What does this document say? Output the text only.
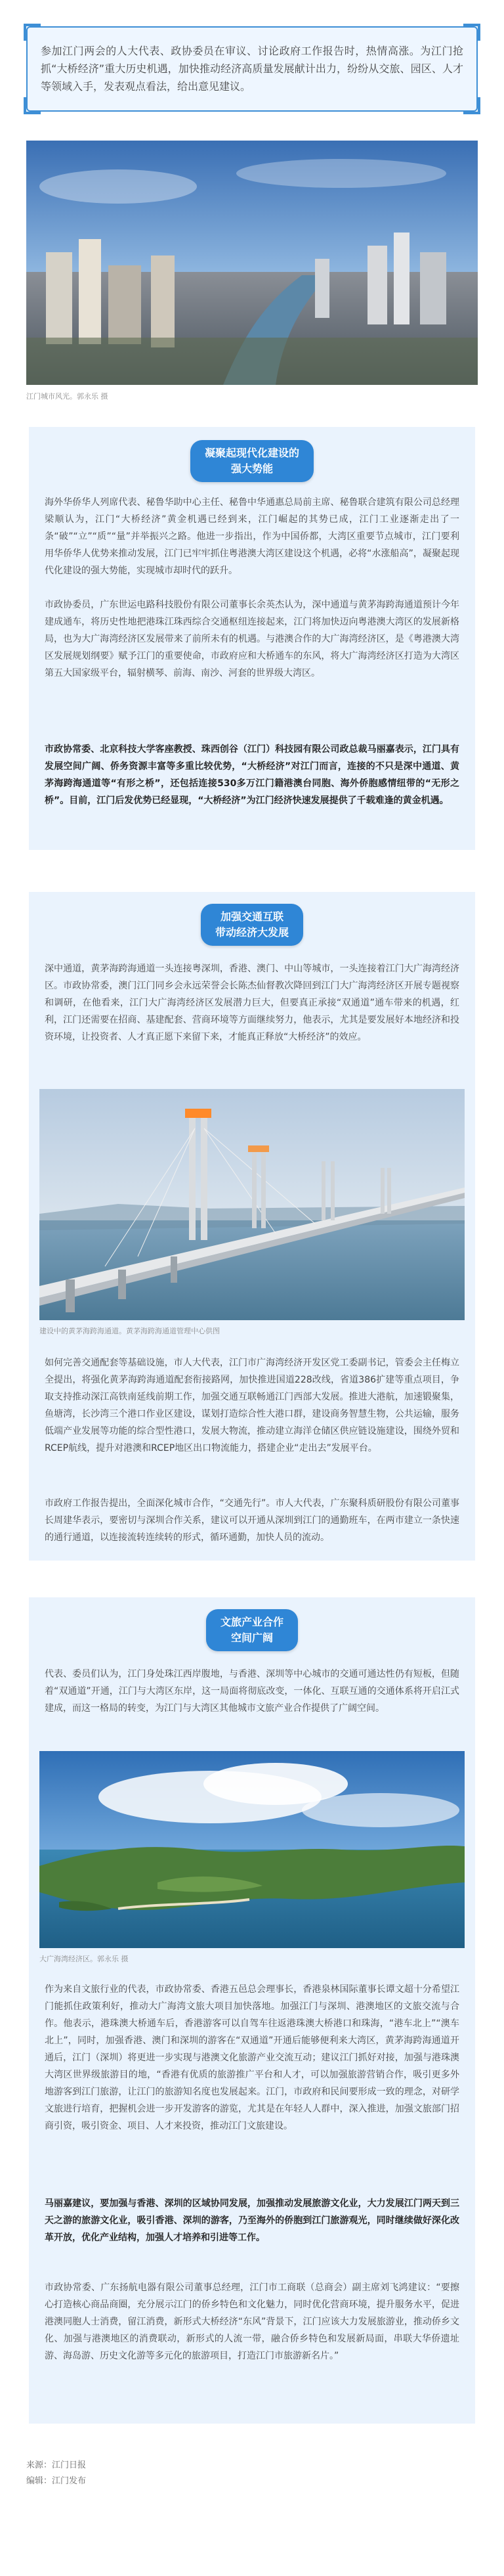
参加江门两会的人大代表、政协委员在审议、讨论政府工作报告时，热情高涨。为江门抢抓“大桥经济”重大历史机遇，加快推动经济高质量发展献计出力，纷纷从交旅、园区、人才等领域入手，发表观点看法，给出意见建议。
江门城市风光。郭永乐 摄
凝聚起现代化建设的
强大势能
海外华侨华人列席代表、秘鲁华助中心主任、秘鲁中华通惠总局前主席、秘鲁联合建筑有限公司总经理梁顺认为，江门“大桥经济”黄金机遇已经到来，江门崛起的其势已成，江门工业逐渐走出了一条“破”“立”“质”“量”并举振兴之路。他进一步指出，作为中国侨都，大湾区重要节点城市，江门要利用华侨华人优势来推动发展，江门已牢牢抓住粤港澳大湾区建设这个机遇，必将“水涨船高”，凝聚起现代化建设的强大势能，实现城市却时代的跃升。
市政协委员，广东世运电路科技股份有限公司董事长余英杰认为，深中通道与黄茅海跨海通道预计今年建成通车，将历史性地把港珠江珠西综合交通枢纽连接起来，江门将加快迈向粤港澳大湾区的发展新格局，也为大广海湾经济区发展带来了前所未有的机遇。与港澳合作的大广海湾经济区，是《粤港澳大湾区发展规划纲要》赋予江门的重要使命，市政府应和大桥通车的东风，将大广海湾经济区打造为大湾区第五大国家级平台，辐射横琴、前海、南沙、河套的世界级大湾区。
市政协常委、北京科技大学客座教授、珠西创谷（江门）科技园有限公司政总裁马丽嘉表示，江门具有发展空间广阔、侨务资源丰富等多重比较优势，“大桥经济”对江门而言，连接的不只是深中通道、黄茅海跨海通道等“有形之桥”，还包括连接530多万江门籍港澳台同胞、海外侨胞感情纽带的“无形之桥”。目前，江门后发优势已经显现，“大桥经济”为江门经济快速发展提供了千载难逢的黄金机遇。
加强交通互联
带动经济大发展
深中通道，黄茅海跨海通道一头连接粤深圳，香港、澳门、中山等城市，一头连接着江门大广海湾经济区。市政协常委，澳门江门同乡会永远荣誉会长陈杰仙督教次降回到江门大广海湾经济区开展专题视察和调研，在他看来，江门大广海湾经济区发展潜力巨大，但要真正承接“双通道”通车带来的机遇，红利，江门还需要在招商、基建配套、营商环境等方面继续努力，他表示，尤其是要发展好本地经济和投资环境，让投资者、人才真正愿下来留下来，才能真正释放“大桥经济”的效应。
建设中的黄茅海跨海通道。黄茅海跨海通道管理中心供图
如何完善交通配套等基础设施，市人大代表，江门市广海湾经济开发区党工委副书记，管委会主任梅立全提出，将强化黄茅海跨海通道配套衔接路网，加快推进国道228改线，省道386扩建等重点项目，争取支持推动深江高铁南延线前期工作，加强交通互联畅通江门西部大发展。推进大港航，加速锻聚集，鱼塘湾，长沙湾三个港口作业区建设，谋划打造综合性大港口群，建设商务智慧生物，公共运输，服务低端产业发展等功能的综合型性港口，发展大物流，推动建立海洋仓储区供应链设施建设，围绕外贸和RCEP航线，提升对港澳和RCEP地区出口物流能力，搭建企业“走出去”发展平台。
市政府工作报告提出，全面深化城市合作，“交通先行”。市人大代表，广东聚科质研股份有限公司董事长周建华表示，要密切与深圳合作关系，建议可以开通从深圳到江门的通勤班车，在两市建立一条快速的通行通道，以连接流转连续转的形式，循环通勤，加快人员的流动。
文旅产业合作
空间广阔
代表、委员们认为，江门身处珠江西岸腹地，与香港、深圳等中心城市的交通可通达性仍有短板，但随着“双通道”开通，江门与大湾区东岸，这一局面将彻底改变，一体化、互联互通的交通体系将开启江式建成，而这一格局的转变，为江门与大湾区其他城市文旅产业合作提供了广阔空间。
大广海湾经济区。郭永乐 摄
作为来自文旅行业的代表，市政协常委、香港五邑总会理事长，香港泉林国际董事长谭文超十分希望江门能抓住政策利好，推动大广海湾文旅大项目加快落地。加强江门与深圳、港澳地区的文旅交流与合作。他表示，港珠澳大桥通车后，香港游客可以自驾车往返港珠澳大桥港口和珠海，“港车北上”“澳车北上”，同时，加强香港、澳门和深圳的游客在“双通道”开通后能够便利来大湾区，黄茅海跨海通道开通后，江门（深圳）将更进一步实现与港澳文化旅游产业交流互动；建议江门抓好对接，加强与港珠澳大湾区世界级旅游目的地，“香港有优质的旅游推广平台和人才，可以加强旅游营销合作，吸引更多外地游客到江门旅游，让江门的旅游知名度也发展起来。江门，市政府和民间要形成一致的理念，对研学文旅进行培育，把握机会进一步开发游客的游览，尤其是在年轻人人群中，深入推进，加强文旅部门招商引资，吸引资金、项目、人才来投资，推动江门文旅建设。
马丽嘉建议，要加强与香港、深圳的区域协同发展，加强推动发展旅游文化业，大力发展江门两天到三天之游的旅游文化业，吸引香港、深圳的游客，乃至海外的侨胞到江门旅游观光，同时继续做好深化改革开放，优化产业结构，加强人才培养和引进等工作。
市政协常委、广东扬航电器有限公司董事总经理，江门市工商联（总商会）副主席刘飞鸿建议：“要擦心打造核心商品商圈，充分展示江门的侨乡特色和文化魅力，同时优化营商环境，提升服务水平，促进港澳同胞人士消费，留江消费，新形式大桥经济“东风”背景下，江门应该大力发展旅游业，推动侨乡文化、加强与港澳地区的消费联动，新形式的人流一带，融合侨乡特色和发展新局面，串联大华侨遗址游、海岛游、历史文化游等多元化的旅游项目，打造江门市旅游新名片。”
来源：江门日报
编辑：江门发布
